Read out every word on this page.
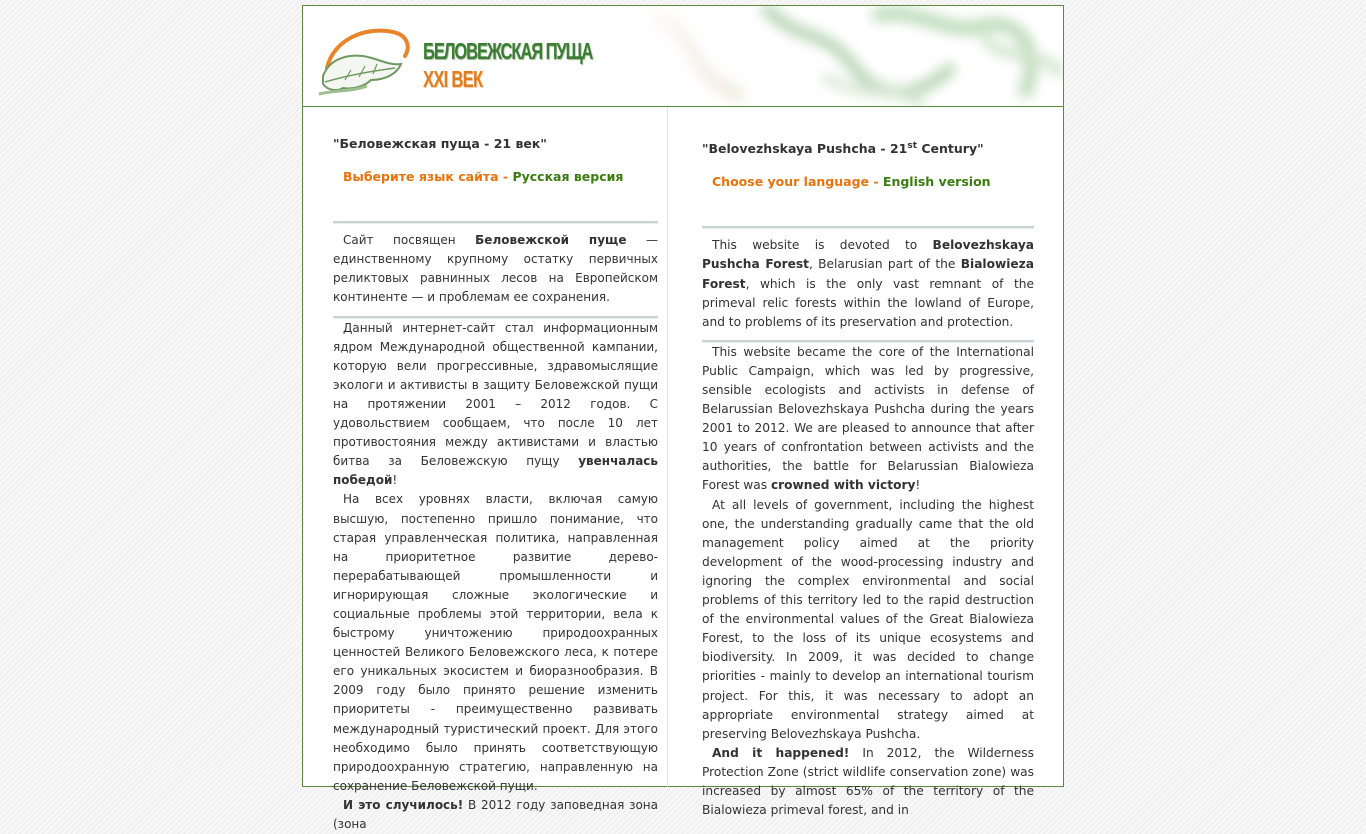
БЕЛОВЕЖСКАЯ ПУЩА
XXI ВЕК

"Беловежская пуща - 21 век"

Выберите язык сайта - Русская версия

Сайт посвящен Беловежской пуще — единственному крупному остатку первичных реликтовых равнинных лесов на Европейском континенте — и проблемам ее сохранения.

Данный интернет-сайт стал информационным ядром Международной общественной кампании, которую вели прогрессивные, здравомыслящие экологи и активисты в защиту Беловежской пущи на протяжении 2001 – 2012 годов. С удовольствием сообщаем, что после 10 лет противостояния между активистами и властью битва за Беловежскую пущу увенчалась победой!

На всех уровнях власти, включая самую высшую, постепенно пришло понимание, что старая управленческая политика, направленная на приоритетное развитие дерево-перерабатывающей промышленности и игнорирующая сложные экологические и социальные проблемы этой территории, вела к быстрому уничтожению природоохранных ценностей Великого Беловежского леса, к потере его уникальных экосистем и биоразнообразия. В 2009 году было принято решение изменить приоритеты - преимущественно развивать международный туристический проект. Для этого необходимо было принять соответствующую природоохранную стратегию, направленную на сохранение Беловежской пущи.

И это случилось! В 2012 году заповедная зона (зона

"Belovezhskaya Pushcha - 21st Century"

Choose your language - English version

This website is devoted to Belovezhskaya Pushcha Forest, Belarusian part of the Bialowieza Forest, which is the only vast remnant of the primeval relic forests within the lowland of Europe, and to problems of its preservation and protection.

This website became the core of the International Public Campaign, which was led by progressive, sensible ecologists and activists in defense of Belarussian Belovezhskaya Pushcha during the years 2001 to 2012. We are pleased to announce that after 10 years of confrontation between activists and the authorities, the battle for Belarussian Bialowieza Forest was crowned with victory!

At all levels of government, including the highest one, the understanding gradually came that the old management policy aimed at the priority development of the wood-processing industry and ignoring the complex environmental and social problems of this territory led to the rapid destruction of the environmental values of the Great Bialowieza Forest, to the loss of its unique ecosystems and biodiversity. In 2009, it was decided to change priorities - mainly to develop an international tourism project. For this, it was necessary to adopt an appropriate environmental strategy aimed at preserving Belovezhskaya Pushcha.

And it happened! In 2012, the Wilderness Protection Zone (strict wildlife conservation zone) was increased by almost 65% of the territory of the Bialowieza primeval forest, and in
